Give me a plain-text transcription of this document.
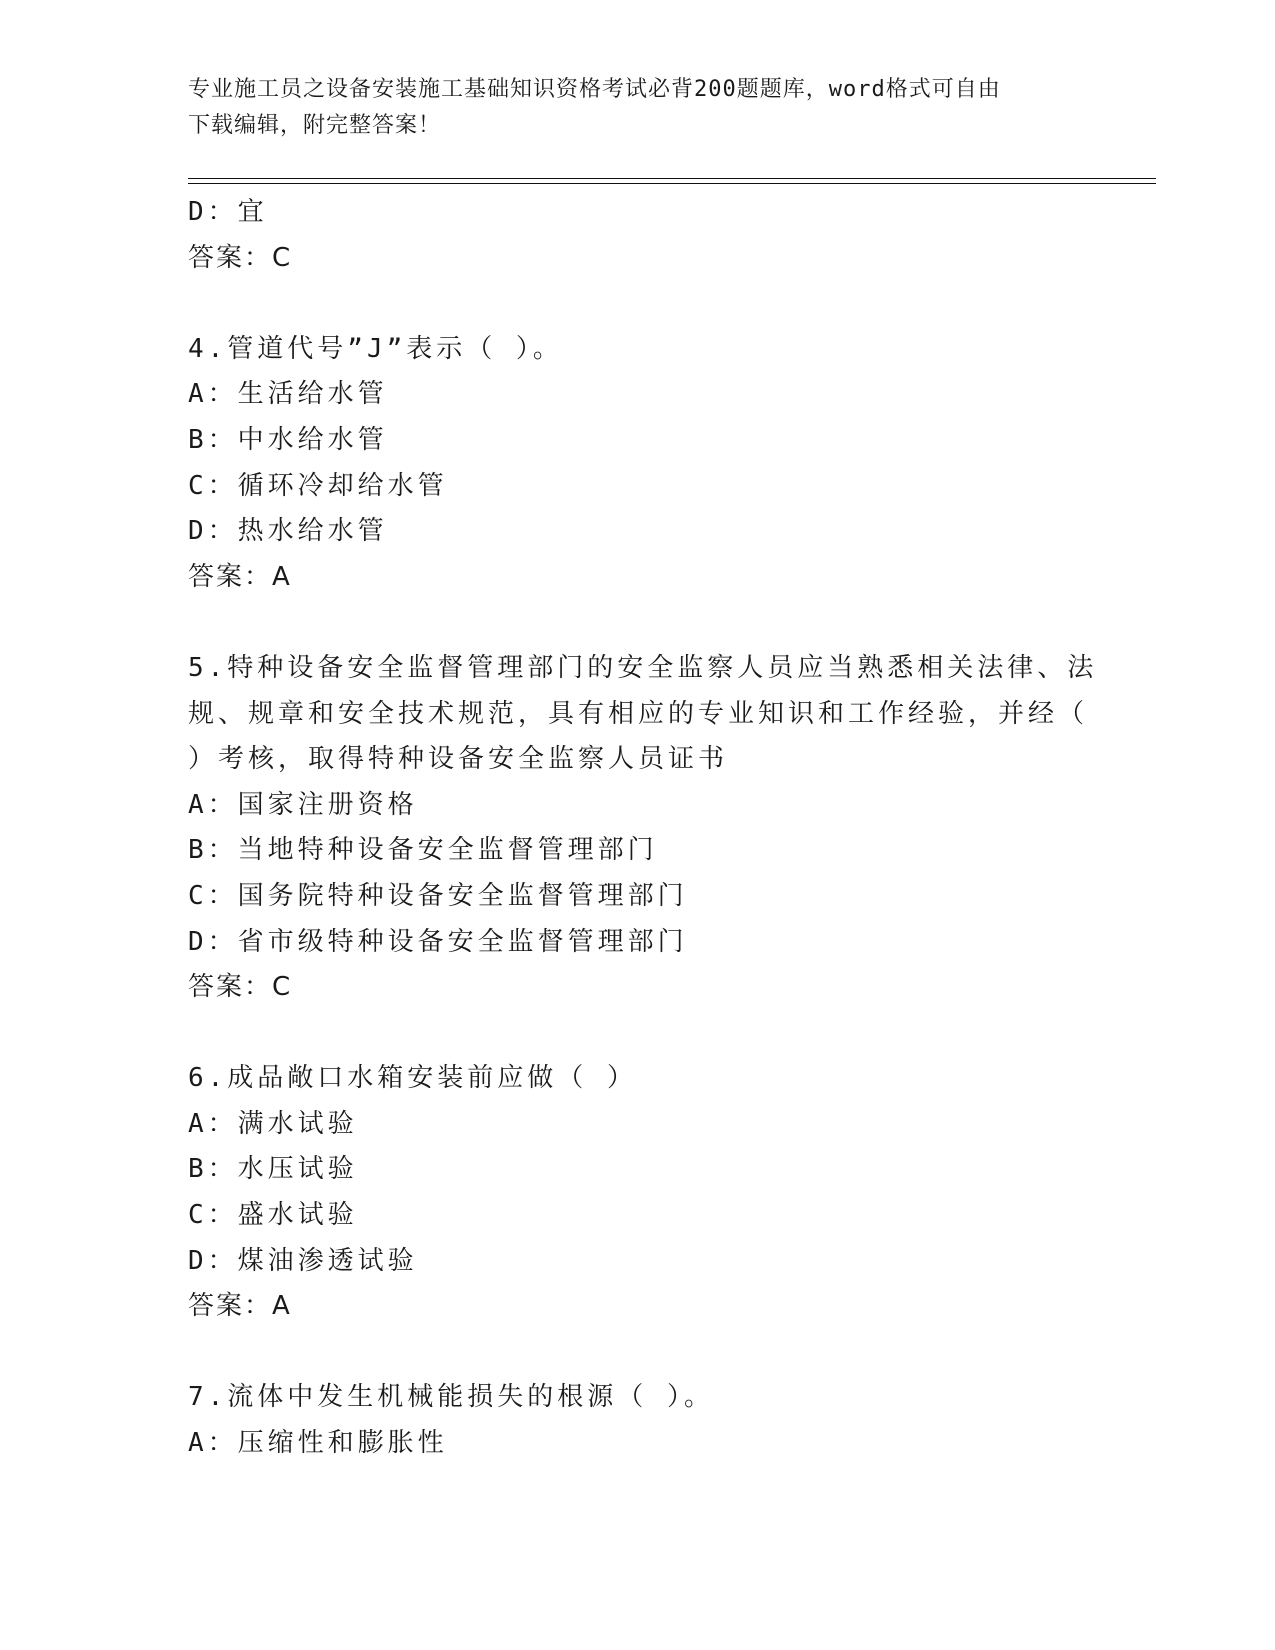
专业施工员之设备安装施工基础知识资格考试必背200题题库，word格式可自由
下载编辑，附完整答案！
D：宜
答案：C
4.管道代号”J”表示（ ）。
A：生活给水管
B：中水给水管
C：循环冷却给水管
D：热水给水管
答案：A
5.特种设备安全监督管理部门的安全监察人员应当熟悉相关法律、法
规、规章和安全技术规范，具有相应的专业知识和工作经验，并经（
）考核，取得特种设备安全监察人员证书
A：国家注册资格
B：当地特种设备安全监督管理部门
C：国务院特种设备安全监督管理部门
D：省市级特种设备安全监督管理部门
答案：C
6.成品敞口水箱安装前应做（ ）
A：满水试验
B：水压试验
C：盛水试验
D：煤油渗透试验
答案：A
7.流体中发生机械能损失的根源（ ）。
A：压缩性和膨胀性
